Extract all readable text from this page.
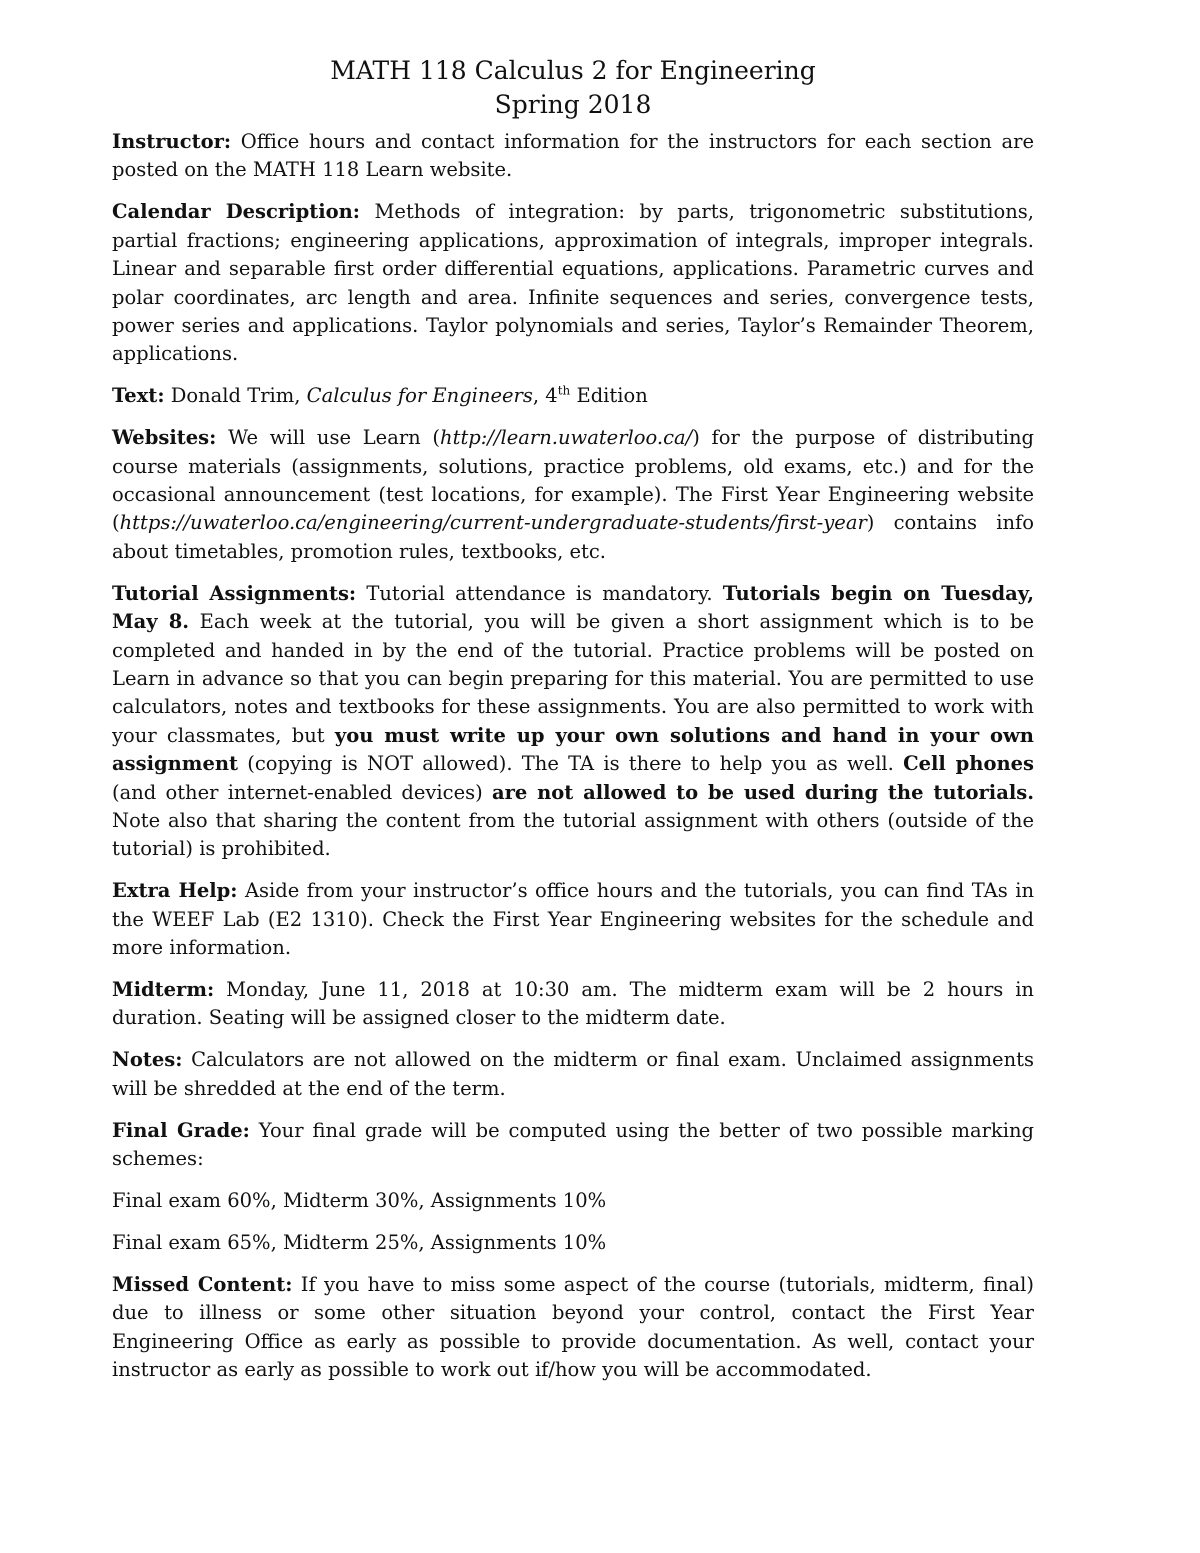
MATH 118 Calculus 2 for Engineering
Spring 2018

Instructor: Office hours and contact information for the instructors for each section are posted on the MATH 118 Learn website.

Calendar Description: Methods of integration: by parts, trigonometric substitutions, partial fractions; engineering applications, approximation of integrals, improper integrals. Linear and separable first order differential equations, applications. Parametric curves and polar coordinates, arc length and area. Infinite sequences and series, convergence tests, power series and applications. Taylor polynomials and series, Taylor’s Remainder Theorem, applications.

Text: Donald Trim, Calculus for Engineers, 4th Edition

Websites: We will use Learn (http://learn.uwaterloo.ca/) for the purpose of distributing course materials (assignments, solutions, practice problems, old exams, etc.) and for the occasional announcement (test locations, for example). The First Year Engineering website (https://uwaterloo.ca/engineering/current-undergraduate-students/first-year) contains info about timetables, promotion rules, textbooks, etc.

Tutorial Assignments: Tutorial attendance is mandatory. Tutorials begin on Tuesday, May 8. Each week at the tutorial, you will be given a short assignment which is to be completed and handed in by the end of the tutorial. Practice problems will be posted on Learn in advance so that you can begin preparing for this material. You are permitted to use calculators, notes and textbooks for these assignments. You are also permitted to work with your classmates, but you must write up your own solutions and hand in your own assignment (copying is NOT allowed). The TA is there to help you as well. Cell phones (and other internet-enabled devices) are not allowed to be used during the tutorials. Note also that sharing the content from the tutorial assignment with others (outside of the tutorial) is prohibited.

Extra Help: Aside from your instructor’s office hours and the tutorials, you can find TAs in the WEEF Lab (E2 1310). Check the First Year Engineering websites for the schedule and more information.

Midterm: Monday, June 11, 2018 at 10:30 am. The midterm exam will be 2 hours in duration. Seating will be assigned closer to the midterm date.

Notes: Calculators are not allowed on the midterm or final exam. Unclaimed assignments will be shredded at the end of the term.

Final Grade: Your final grade will be computed using the better of two possible marking schemes:

Final exam 60%, Midterm 30%, Assignments 10%

Final exam 65%, Midterm 25%, Assignments 10%

Missed Content: If you have to miss some aspect of the course (tutorials, midterm, final) due to illness or some other situation beyond your control, contact the First Year Engineering Office as early as possible to provide documentation. As well, contact your instructor as early as possible to work out if/how you will be accommodated.
